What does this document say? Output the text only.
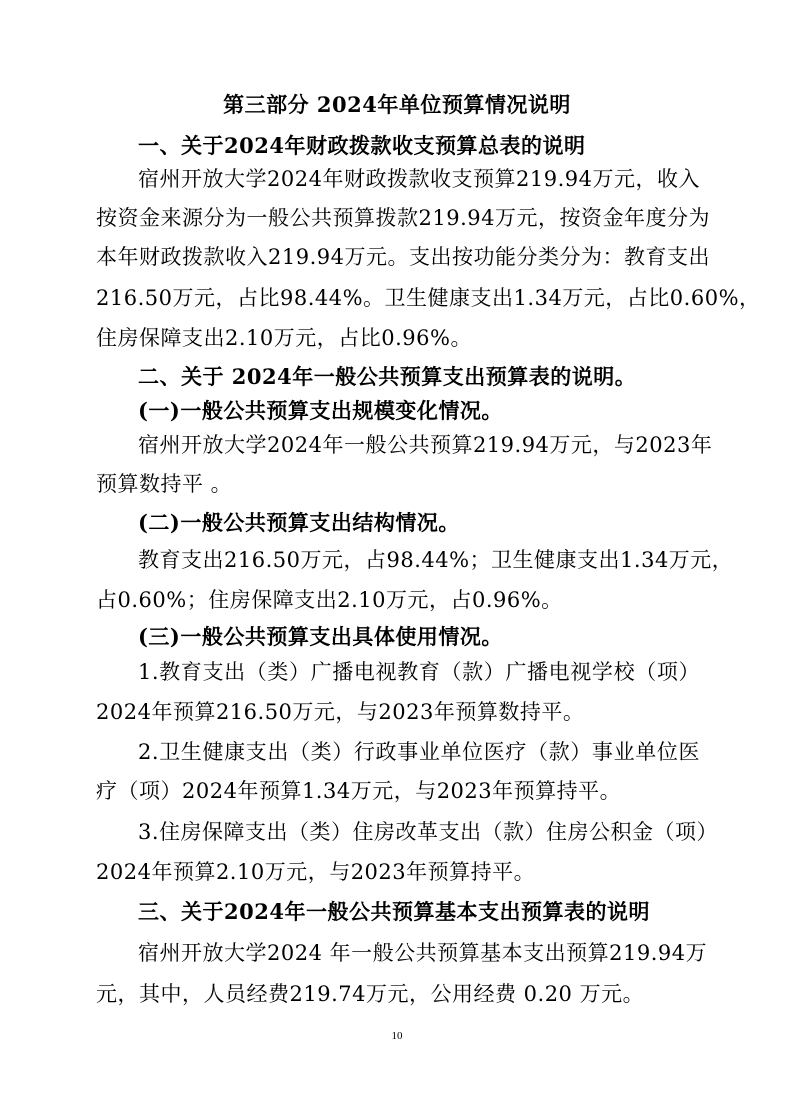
第三部分 2024年单位预算情况说明
一、关于2024年财政拨款收支预算总表的说明
宿州开放大学2024年财政拨款收支预算219.94万元，收入
按资金来源分为一般公共预算拨款219.94万元，按资金年度分为
本年财政拨款收入219.94万元。支出按功能分类分为：教育支出
216.50万元，占比98.44%。卫生健康支出1.34万元，占比0.60%，
住房保障支出2.10万元，占比0.96%。
二、关于 2024年一般公共预算支出预算表的说明。
(一)一般公共预算支出规模变化情况。
宿州开放大学2024年一般公共预算219.94万元，与2023年
预算数持平 。
(二)一般公共预算支出结构情况。
教育支出216.50万元，占98.44%；卫生健康支出1.34万元，
占0.60%；住房保障支出2.10万元，占0.96%。
(三)一般公共预算支出具体使用情况。
1.教育支出（类）广播电视教育（款）广播电视学校（项）
2024年预算216.50万元，与2023年预算数持平。
2.卫生健康支出（类）行政事业单位医疗（款）事业单位医
疗（项）2024年预算1.34万元，与2023年预算持平。
3.住房保障支出（类）住房改革支出（款）住房公积金（项）
2024年预算2.10万元，与2023年预算持平。
三、关于2024年一般公共预算基本支出预算表的说明
宿州开放大学2024 年一般公共预算基本支出预算219.94万
元，其中，人员经费219.74万元，公用经费 0.20 万元。
10
